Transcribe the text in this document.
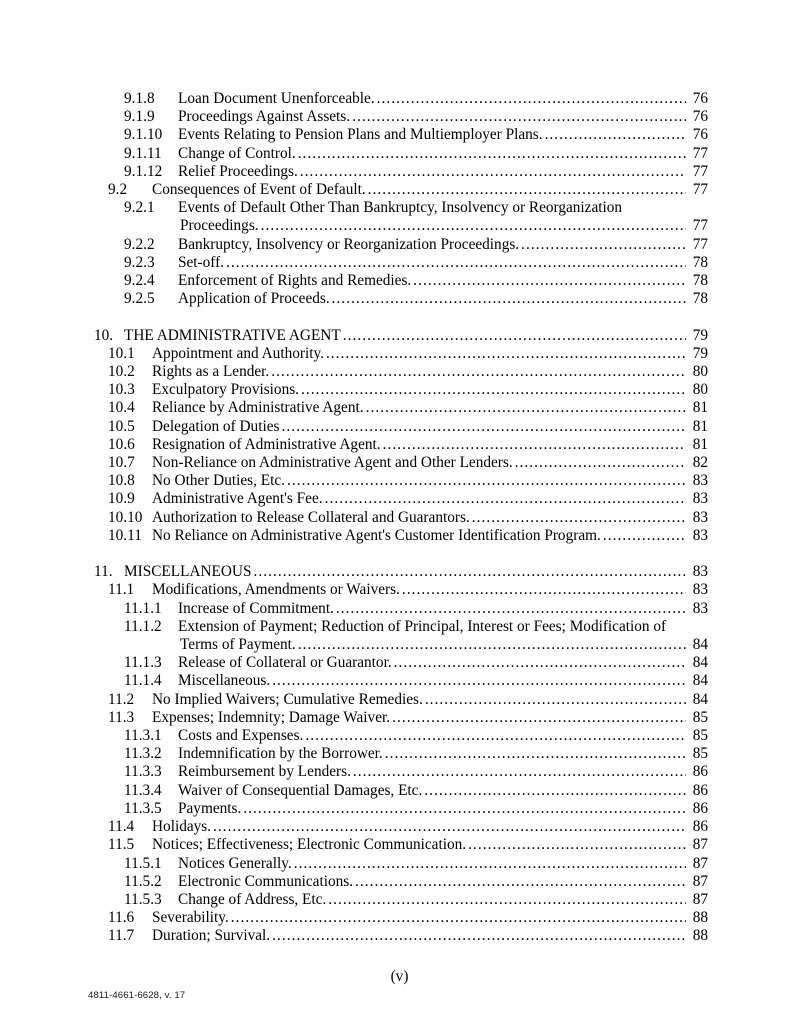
9.1.8	Loan Document Unenforceable. .....	76
9.1.9	Proceedings Against Assets. .....	76
9.1.10	Events Relating to Pension Plans and Multiemployer Plans. .....	76
9.1.11	Change of Control. .....	77
9.1.12	Relief Proceedings. .....	77
9.2	Consequences of Event of Default. .....	77
9.2.1	Events of Default Other Than Bankruptcy, Insolvency or Reorganization
Proceedings. .....	77
9.2.2	Bankruptcy, Insolvency or Reorganization Proceedings. .....	77
9.2.3	Set-off. .....	78
9.2.4	Enforcement of Rights and Remedies. .....	78
9.2.5	Application of Proceeds. .....	78
10. THE ADMINISTRATIVE AGENT .....	79
10.1	Appointment and Authority. .....	79
10.2	Rights as a Lender. .....	80
10.3	Exculpatory Provisions. .....	80
10.4	Reliance by Administrative Agent. .....	81
10.5	Delegation of Duties .....	81
10.6	Resignation of Administrative Agent. .....	81
10.7	Non-Reliance on Administrative Agent and Other Lenders. .....	82
10.8	No Other Duties, Etc. .....	83
10.9	Administrative Agent's Fee. .....	83
10.10 Authorization to Release Collateral and Guarantors. .....	83
10.11 No Reliance on Administrative Agent's Customer Identification Program. .....	83
11. MISCELLANEOUS .....	83
11.1	Modifications, Amendments or Waivers. .....	83
11.1.1	Increase of Commitment. .....	83
11.1.2	Extension of Payment; Reduction of Principal, Interest or Fees; Modification of
Terms of Payment. .....	84
11.1.3	Release of Collateral or Guarantor. .....	84
11.1.4	Miscellaneous. .....	84
11.2	No Implied Waivers; Cumulative Remedies. .....	84
11.3	Expenses; Indemnity; Damage Waiver. .....	85
11.3.1	Costs and Expenses. .....	85
11.3.2	Indemnification by the Borrower. .....	85
11.3.3	Reimbursement by Lenders. .....	86
11.3.4	Waiver of Consequential Damages, Etc. .....	86
11.3.5	Payments. .....	86
11.4	Holidays. .....	86
11.5	Notices; Effectiveness; Electronic Communication. .....	87
11.5.1	Notices Generally. .....	87
11.5.2	Electronic Communications. .....	87
11.5.3	Change of Address, Etc. .....	87
11.6	Severability. .....	88
11.7	Duration; Survival. .....	88
(v)
4811-4661-6628, v. 17
